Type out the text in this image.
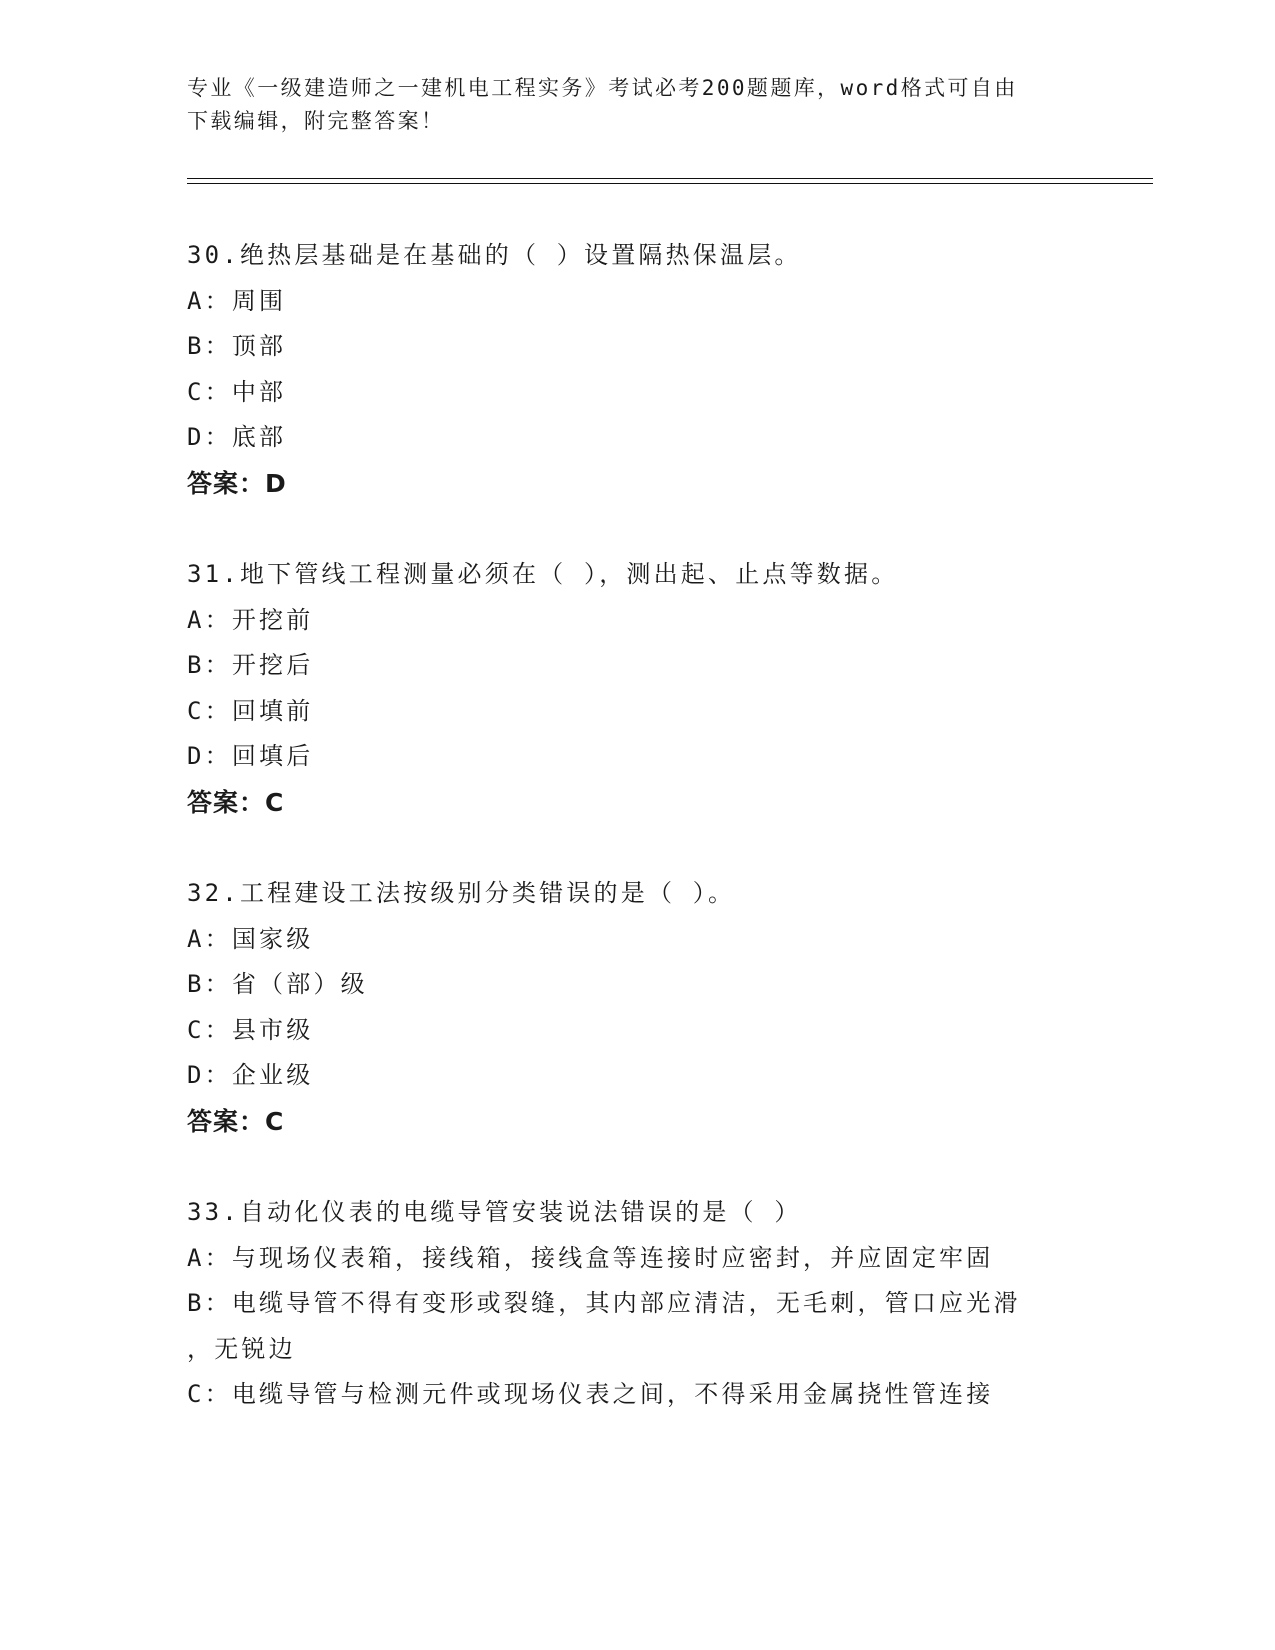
专业《一级建造师之一建机电工程实务》考试必考200题题库，word格式可自由
下载编辑，附完整答案！
30.绝热层基础是在基础的（ ）设置隔热保温层。
A：周围
B：顶部
C：中部
D：底部
答案：D
31.地下管线工程测量必须在（ ），测出起、止点等数据。
A：开挖前
B：开挖后
C：回填前
D：回填后
答案：C
32.工程建设工法按级别分类错误的是（ ）。
A：国家级
B：省（部）级
C：县市级
D：企业级
答案：C
33.自动化仪表的电缆导管安装说法错误的是（ ）
A：与现场仪表箱，接线箱，接线盒等连接时应密封，并应固定牢固
B：电缆导管不得有变形或裂缝，其内部应清洁，无毛刺，管口应光滑
，无锐边
C：电缆导管与检测元件或现场仪表之间，不得采用金属挠性管连接
